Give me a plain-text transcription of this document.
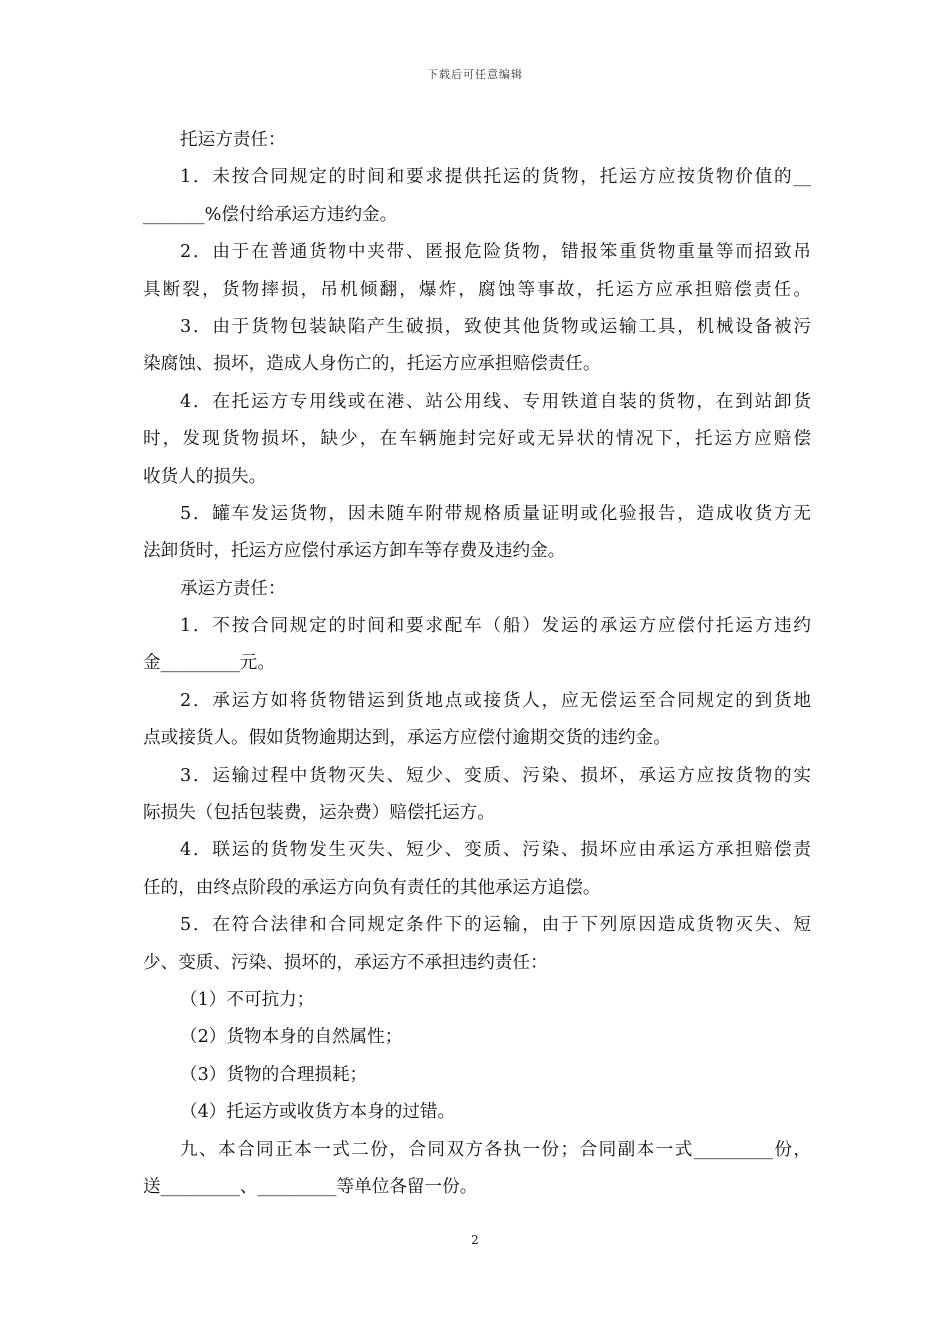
下载后可任意编辑
托运方责任：
1．未按合同规定的时间和要求提供托运的货物，托运方应按货物价值的__
_______%偿付给承运方违约金。
2．由于在普通货物中夹带、匿报危险货物，错报笨重货物重量等而招致吊
具断裂，货物摔损，吊机倾翻，爆炸，腐蚀等事故，托运方应承担赔偿责任。
3．由于货物包装缺陷产生破损，致使其他货物或运输工具，机械设备被污
染腐蚀、损坏，造成人身伤亡的，托运方应承担赔偿责任。
4．在托运方专用线或在港、站公用线、专用铁道自装的货物，在到站卸货
时，发现货物损坏，缺少，在车辆施封完好或无异状的情况下，托运方应赔偿
收货人的损失。
5．罐车发运货物，因未随车附带规格质量证明或化验报告，造成收货方无
法卸货时，托运方应偿付承运方卸车等存费及违约金。
承运方责任：
1．不按合同规定的时间和要求配车（船）发运的承运方应偿付托运方违约
金_________元。
2．承运方如将货物错运到货地点或接货人，应无偿运至合同规定的到货地
点或接货人。假如货物逾期达到，承运方应偿付逾期交货的违约金。
3．运输过程中货物灭失、短少、变质、污染、损坏，承运方应按货物的实
际损失（包括包装费，运杂费）赔偿托运方。
4．联运的货物发生灭失、短少、变质、污染、损坏应由承运方承担赔偿责
任的，由终点阶段的承运方向负有责任的其他承运方追偿。
5．在符合法律和合同规定条件下的运输，由于下列原因造成货物灭失、短
少、变质、污染、损坏的，承运方不承担违约责任：
（1）不可抗力；
（2）货物本身的自然属性；
（3）货物的合理损耗；
（4）托运方或收货方本身的过错。
九、本合同正本一式二份，合同双方各执一份；合同副本一式_________份，
送_________、_________等单位各留一份。
2
